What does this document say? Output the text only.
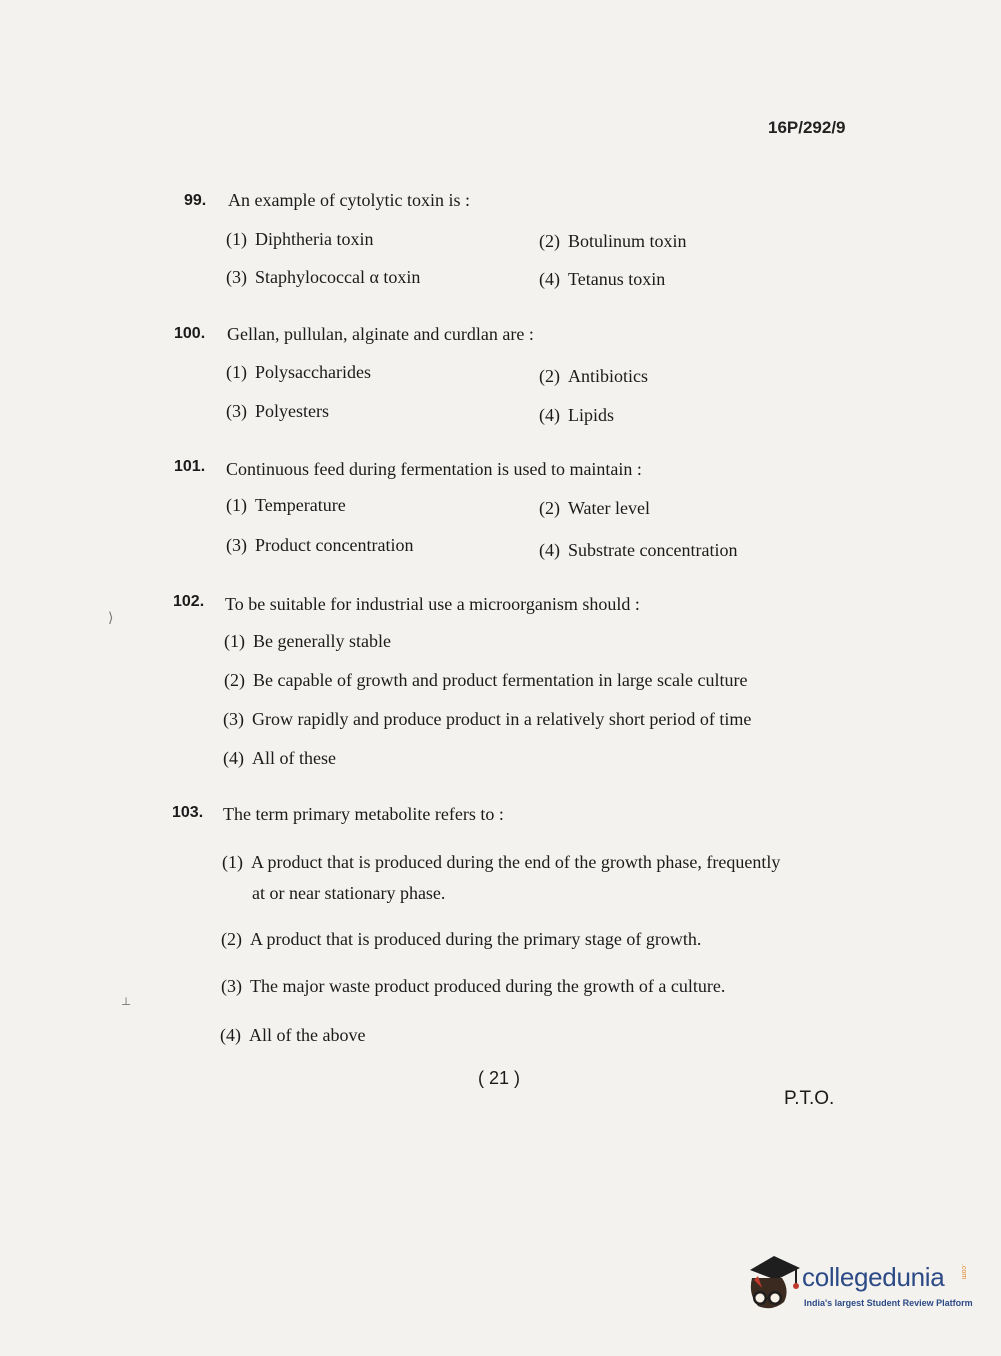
16P/292/9
99. An example of cytolytic toxin is :
(1) Diphtheria toxin	(2) Botulinum toxin
(3) Staphylococcal α toxin	(4) Tetanus toxin
100. Gellan, pullulan, alginate and curdlan are :
(1) Polysaccharides	(2) Antibiotics
(3) Polyesters	(4) Lipids
101. Continuous feed during fermentation is used to maintain :
(1) Temperature	(2) Water level
(3) Product concentration	(4) Substrate concentration
102. To be suitable for industrial use a microorganism should :
(1) Be generally stable
(2) Be capable of growth and product fermentation in large scale culture
(3) Grow rapidly and produce product in a relatively short period of time
(4) All of these
103. The term primary metabolite refers to :
(1) A product that is produced during the end of the growth phase, frequently
at or near stationary phase.
(2) A product that is produced during the primary stage of growth.
(3) The major waste product produced during the growth of a culture.
(4) All of the above
( 21 )
P.T.O.
⟩
⊥
collegedunia .com
India's largest Student Review Platform
